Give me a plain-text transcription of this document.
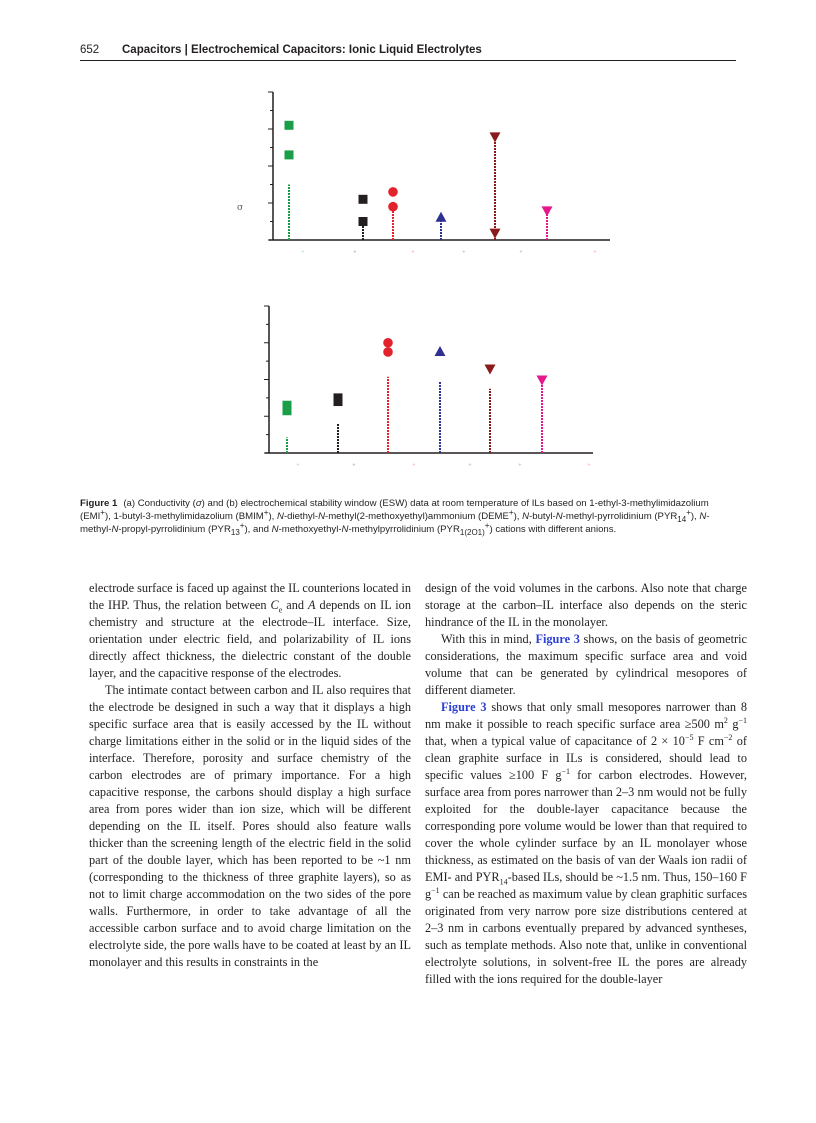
652 Capacitors | Electrochemical Capacitors: Ionic Liquid Electrolytes
+	+	+	+	+	+
σ
+	+	+	+	+	+
Figure 1 (a) Conductivity (σ) and (b) electrochemical stability window (ESW) data at room temperature of ILs based on 1-ethyl-3-methylimidazolium (EMI+), 1-butyl-3-methylimidazolium (BMIM+), N-diethyl-N-methyl(2-methoxyethyl)ammonium (DEME+), N-butyl-N-methyl-pyrrolidinium $(PYR_{14}^+)$, N-methyl-N-propyl-pyrrolidinium $(PYR_{13}^+)$, and N-methoxyethyl-N-methylpyrrolidinium $(PYR_{1(2O1)}^+)$ cations with different anions.

electrode surface is faced up against the IL counterions located in the IHP. Thus, the relation between $C_e$ and A depends on IL ion chemistry and structure at the electrode–IL interface. Size, orientation under electric field, and polarizability of IL ions directly affect thickness, the dielectric constant of the double layer, and the capacitive response of the electrodes.

The intimate contact between carbon and IL also requires that the electrode be designed in such a way that it displays a high specific surface area that is easily accessed by the IL without charge limitations either in the solid or in the liquid sides of the interface. Therefore, porosity and surface chemistry of the carbon electrodes are of primary importance. For a high capacitive response, the carbons should display a high surface area from pores wider than ion size, which will be different depending on the IL itself. Pores should also feature walls thicker than the screening length of the electric field in the solid part of the double layer, which has been reported to be ~1 nm (corresponding to the thickness of three graphite layers), so as not to limit charge accommodation on the two sides of the pore walls. Furthermore, in order to take advantage of all the accessible carbon surface and to avoid charge limitation on the electrolyte side, the pore walls have to be coated at least by an IL monolayer and this results in constraints in the

design of the void volumes in the carbons. Also note that charge storage at the carbon–IL interface also depends on the steric hindrance of the IL in the monolayer.

With this in mind, Figure 3 shows, on the basis of geometric considerations, the maximum specific surface area and void volume that can be generated by cylindrical mesopores of different diameter.

Figure 3 shows that only small mesopores narrower than 8 nm make it possible to reach specific surface area ≥500 $m^2$ $g^{-1}$ that, when a typical value of capacitance of $2 \times 10^{-5}$ F $cm^{-2}$ of clean graphite surface in ILs is considered, should lead to specific values ≥100 F $g^{-1}$ for carbon electrodes. However, surface area from pores narrower than 2–3 nm would not be fully exploited for the double-layer capacitance because the corresponding pore volume would be lower than that required to cover the whole cylinder surface by an IL monolayer whose thickness, as estimated on the basis of van der Waals ion radii of EMI- and $PYR_{14}$-based ILs, should be ~1.5 nm. Thus, 150–160 F $g^{-1}$ can be reached as maximum value by clean graphitic surfaces originated from very narrow pore size distributions centered at 2–3 nm in carbons eventually prepared by advanced syntheses, such as template methods. Also note that, unlike in conventional electrolyte solutions, in solvent-free IL the pores are already filled with the ions required for the double-layer
